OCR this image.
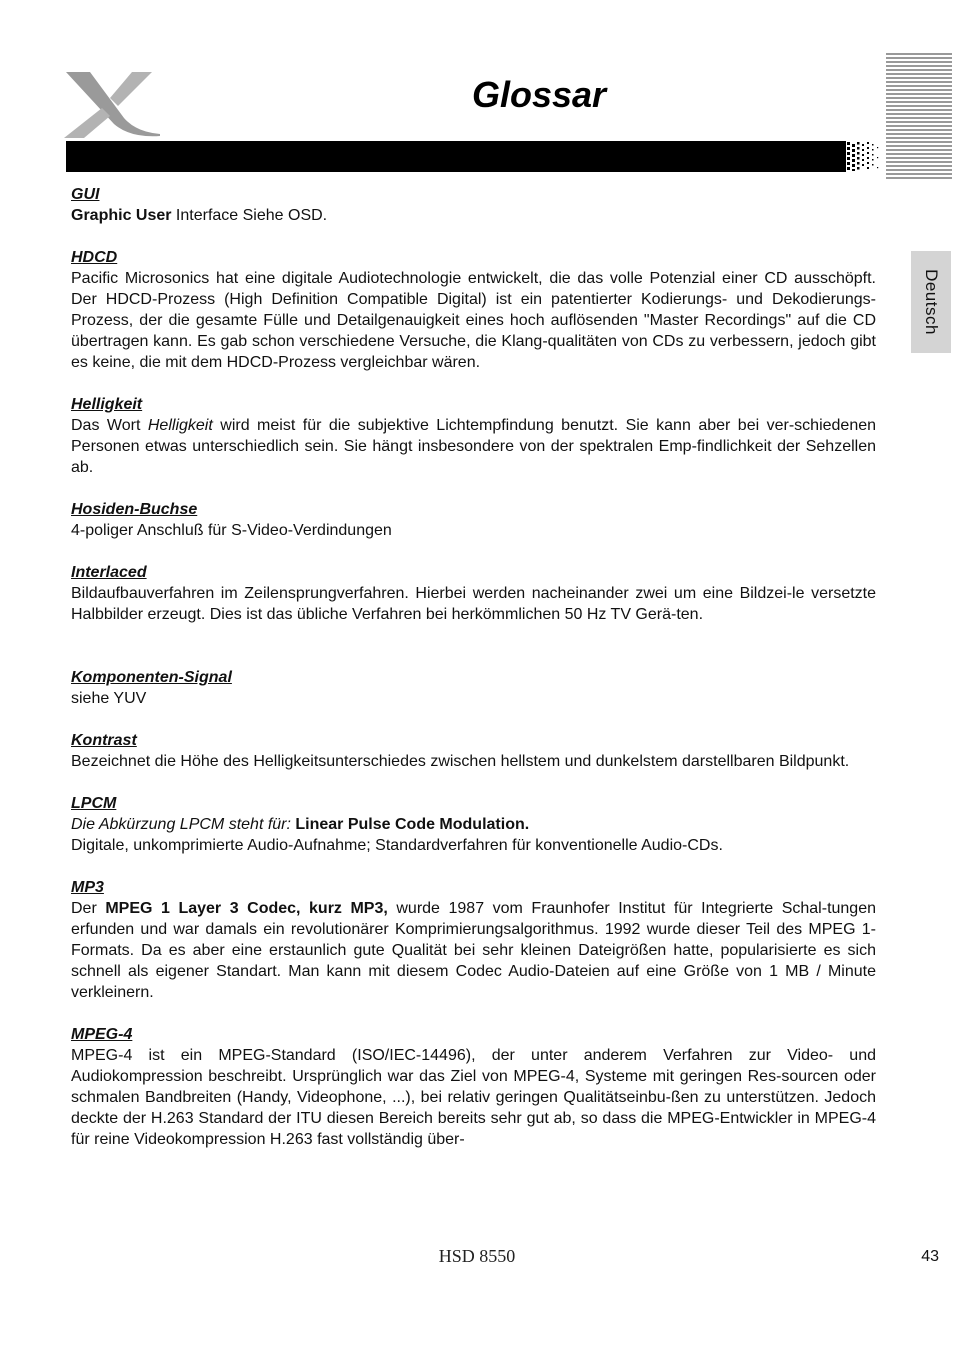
Glossar
Deutsch
GUI
Graphic User Interface Siehe OSD.
HDCD
Pacific Microsonics hat eine digitale Audiotechnologie entwickelt, die das volle Potenzial einer CD ausschöpft. Der HDCD-Prozess (High Definition Compatible Digital) ist ein patentierter Kodierungs- und Dekodierungs-Prozess, der die gesamte Fülle und Detailgenauigkeit eines hoch auflösenden "Master Recordings" auf die CD übertragen kann. Es gab schon verschiedene Versuche, die Klang-qualitäten von CDs zu verbessern, jedoch gibt es keine, die mit dem HDCD-Prozess vergleichbar wären.
Helligkeit
Das Wort Helligkeit wird meist für die subjektive Lichtempfindung benutzt. Sie kann aber bei ver-schiedenen Personen etwas unterschiedlich sein. Sie hängt insbesondere von der spektralen Emp-findlichkeit der Sehzellen ab.
Hosiden-Buchse
4-poliger Anschluß für S-Video-Verdindungen
Interlaced
Bildaufbauverfahren im Zeilensprungverfahren. Hierbei werden nacheinander zwei um eine Bildzei-le versetzte Halbbilder erzeugt. Dies ist das übliche Verfahren bei herkömmlichen 50 Hz TV Gerä-ten.
Komponenten-Signal
siehe YUV
Kontrast
Bezeichnet die Höhe des Helligkeitsunterschiedes zwischen hellstem und dunkelstem darstellbaren Bildpunkt.
LPCM
Die Abkürzung LPCM steht für: Linear Pulse Code Modulation.
Digitale, unkomprimierte Audio-Aufnahme; Standardverfahren für konventionelle Audio-CDs.
MP3
Der MPEG 1 Layer 3 Codec, kurz MP3, wurde 1987 vom Fraunhofer Institut für Integrierte Schal-tungen erfunden und war damals ein revolutionärer Komprimierungsalgorithmus. 1992 wurde dieser Teil des MPEG 1-Formats. Da es aber eine erstaunlich gute Qualität bei sehr kleinen Dateigrößen hatte, popularisierte es sich schnell als eigener Standart. Man kann mit diesem Codec Audio-Dateien auf eine Größe von 1 MB / Minute verkleinern.
MPEG-4
MPEG-4 ist ein MPEG-Standard (ISO/IEC-14496), der unter anderem Verfahren zur Video- und Audiokompression beschreibt. Ursprünglich war das Ziel von MPEG-4, Systeme mit geringen Res-sourcen oder schmalen Bandbreiten (Handy, Videophone, ...), bei relativ geringen Qualitätseinbu-ßen zu unterstützen. Jedoch deckte der H.263 Standard der ITU diesen Bereich bereits sehr gut ab, so dass die MPEG-Entwickler in MPEG-4 für reine Videokompression H.263 fast vollständig über-
HSD 8550	43
